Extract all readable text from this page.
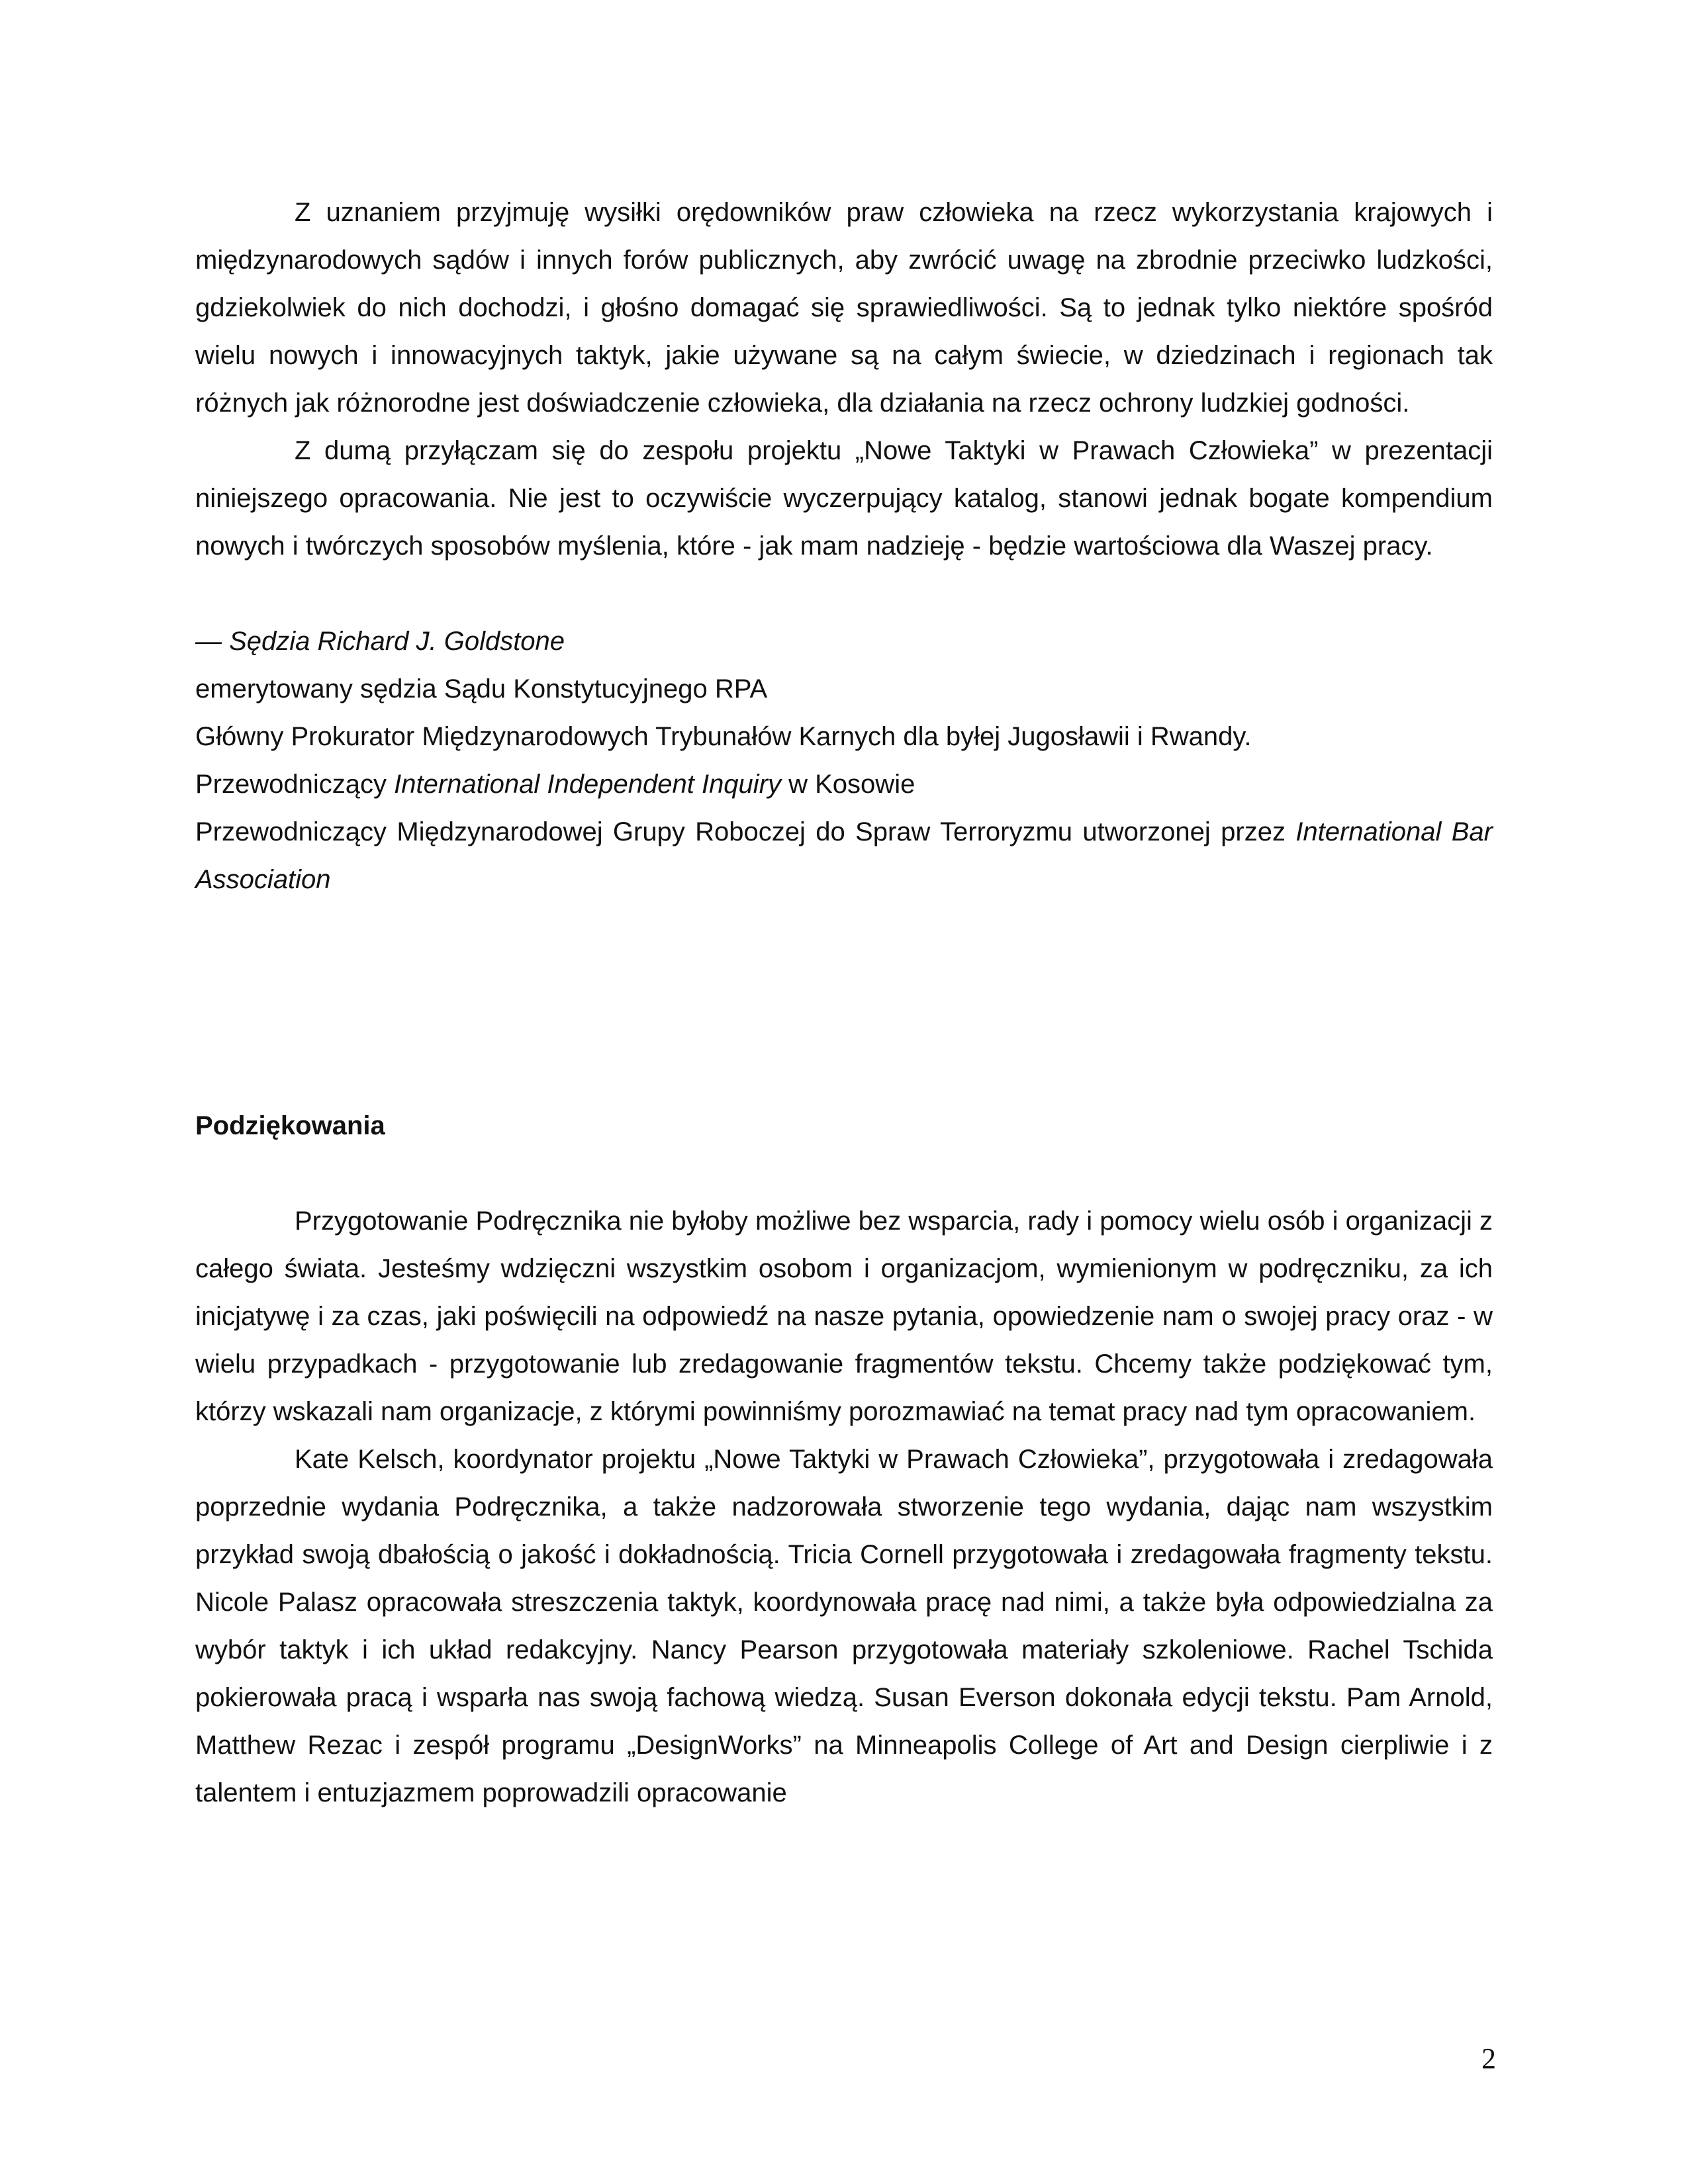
Z uznaniem przyjmuję wysiłki orędowników praw człowieka na rzecz wykorzystania krajowych i międzynarodowych sądów i innych forów publicznych, aby zwrócić uwagę na zbrodnie przeciwko ludzkości, gdziekolwiek do nich dochodzi, i głośno domagać się sprawiedliwości. Są to jednak tylko niektóre spośród wielu nowych i innowacyjnych taktyk, jakie używane są na całym świecie, w dziedzinach i regionach tak różnych jak różnorodne jest doświadczenie człowieka, dla działania na rzecz ochrony ludzkiej godności.

Z dumą przyłączam się do zespołu projektu „Nowe Taktyki w Prawach Człowieka” w prezentacji niniejszego opracowania. Nie jest to oczywiście wyczerpujący katalog, stanowi jednak bogate kompendium nowych i twórczych sposobów myślenia, które - jak mam nadzieję - będzie wartościowa dla Waszej pracy.

— Sędzia Richard J. Goldstone
emerytowany sędzia Sądu Konstytucyjnego RPA
Główny Prokurator Międzynarodowych Trybunałów Karnych dla byłej Jugosławii i Rwandy.
Przewodniczący International Independent Inquiry w Kosowie

Przewodniczący Międzynarodowej Grupy Roboczej do Spraw Terroryzmu utworzonej przez International Bar Association

Podziękowania

Przygotowanie Podręcznika nie byłoby możliwe bez wsparcia, rady i pomocy wielu osób i organizacji z całego świata. Jesteśmy wdzięczni wszystkim osobom i organizacjom, wymienionym w podręczniku, za ich inicjatywę i za czas, jaki poświęcili na odpowiedź na nasze pytania, opowiedzenie nam o swojej pracy oraz - w wielu przypadkach - przygotowanie lub zredagowanie fragmentów tekstu. Chcemy także podziękować tym, którzy wskazali nam organizacje, z którymi powinniśmy porozmawiać na temat pracy nad tym opracowaniem.

Kate Kelsch, koordynator projektu „Nowe Taktyki w Prawach Człowieka”, przygotowała i zredagowała poprzednie wydania Podręcznika, a także nadzorowała stworzenie tego wydania, dając nam wszystkim przykład swoją dbałością o jakość i dokładnością. Tricia Cornell przygotowała i zredagowała fragmenty tekstu. Nicole Palasz opracowała streszczenia taktyk, koordynowała pracę nad nimi, a także była odpowiedzialna za wybór taktyk i ich układ redakcyjny. Nancy Pearson przygotowała materiały szkoleniowe. Rachel Tschida pokierowała pracą i wsparła nas swoją fachową wiedzą. Susan Everson dokonała edycji tekstu. Pam Arnold, Matthew Rezac i zespół programu „DesignWorks” na Minneapolis College of Art and Design cierpliwie i z talentem i entuzjazmem poprowadzili opracowanie

2
